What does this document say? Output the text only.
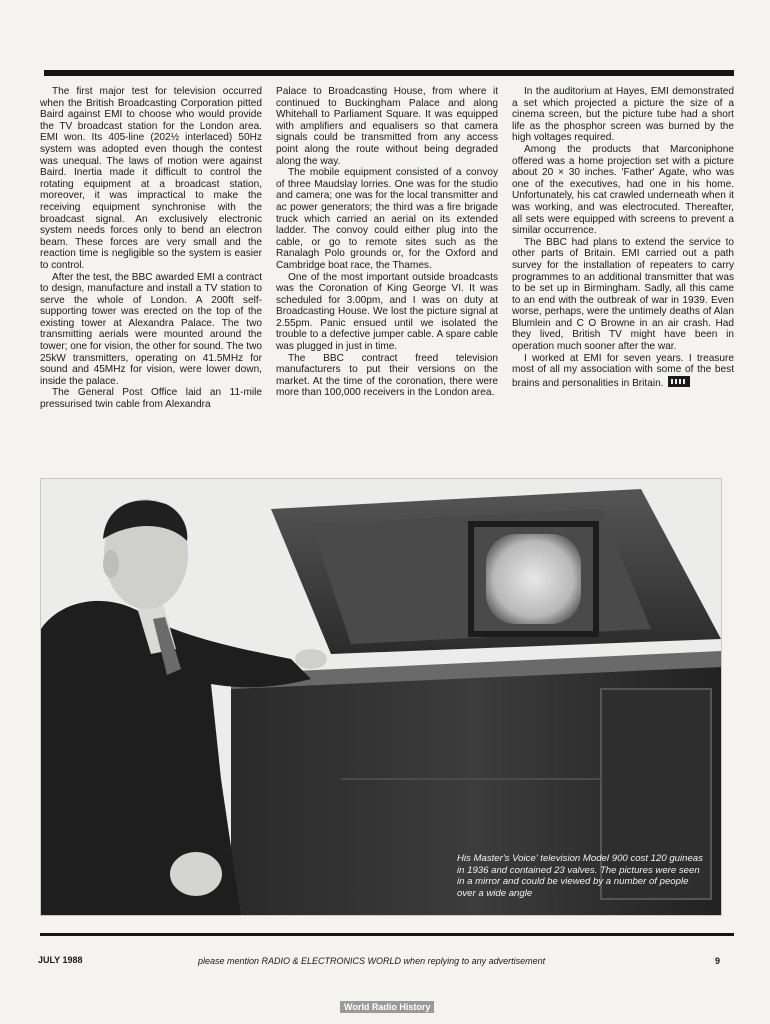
The first major test for television occurred when the British Broadcasting Corporation pitted Baird against EMI to choose who would provide the TV broadcast station for the London area. EMI won. Its 405-line (202½ interlaced) 50Hz system was adopted even though the contest was unequal. The laws of motion were against Baird. Inertia made it difficult to control the rotating equipment at a broadcast station, moreover, it was impractical to make the receiving equipment synchronise with the broadcast signal. An exclusively electronic system needs forces only to bend an electron beam. These forces are very small and the reaction time is negligible so the system is easier to control.

After the test, the BBC awarded EMI a contract to design, manufacture and install a TV station to serve the whole of London. A 200ft self-supporting tower was erected on the top of the existing tower at Alexandra Palace. The two transmitting aerials were mounted around the tower; one for vision, the other for sound. The two 25kW transmitters, operating on 41.5MHz for sound and 45MHz for vision, were lower down, inside the palace.

The General Post Office laid an 11-mile pressurised twin cable from Alexandra

Palace to Broadcasting House, from where it continued to Buckingham Palace and along Whitehall to Parliament Square. It was equipped with amplifiers and equalisers so that camera signals could be transmitted from any access point along the route without being degraded along the way.

The mobile equipment consisted of a convoy of three Maudslay lorries. One was for the studio and camera; one was for the local transmitter and ac power generators; the third was a fire brigade truck which carried an aerial on its extended ladder. The convoy could either plug into the cable, or go to remote sites such as the Ranalagh Polo grounds or, for the Oxford and Cambridge boat race, the Thames.

One of the most important outside broadcasts was the Coronation of King George VI. It was scheduled for 3.00pm, and I was on duty at Broadcasting House. We lost the picture signal at 2.55pm. Panic ensued until we isolated the trouble to a defective jumper cable. A spare cable was plugged in just in time.

The BBC contract freed television manufacturers to put their versions on the market. At the time of the coronation, there were more than 100,000 receivers in the London area.

In the auditorium at Hayes, EMI demonstrated a set which projected a picture the size of a cinema screen, but the picture tube had a short life as the phosphor screen was burned by the high voltages required.

Among the products that Marconiphone offered was a home projection set with a picture about 20 × 30 inches. 'Father' Agate, who was one of the executives, had one in his home. Unfortunately, his cat crawled underneath when it was working, and was electrocuted. Thereafter, all sets were equipped with screens to prevent a similar occurrence.

The BBC had plans to extend the service to other parts of Britain. EMI carried out a path survey for the installation of repeaters to carry programmes to an additional transmitter that was to be set up in Birmingham. Sadly, all this came to an end with the outbreak of war in 1939. Even worse, perhaps, were the untimely deaths of Alan Blumlein and C O Browne in an air crash. Had they lived, British TV might have been in operation much sooner after the war.

I worked at EMI for seven years. I treasure most of all my association with some of the best brains and personalities in Britain.

His Master's Voice' television Model 900 cost 120 guineas in 1936 and contained 23 valves. The pictures were seen in a mirror and could be viewed by a number of people over a wide angle
JULY 1988	please mention RADIO & ELECTRONICS WORLD when replying to any advertisement	9
World Radio History
